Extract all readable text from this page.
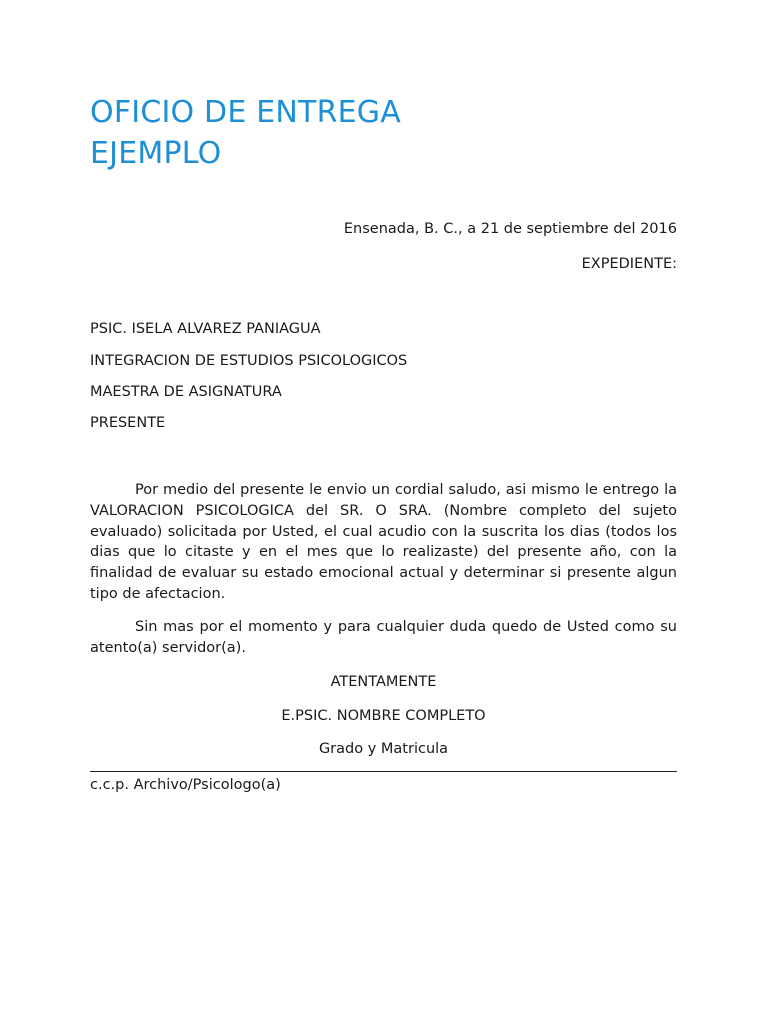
OFICIO DE ENTREGA
EJEMPLO
Ensenada, B. C., a 21 de septiembre del 2016
EXPEDIENTE:
PSIC. ISELA ALVAREZ PANIAGUA
INTEGRACION DE ESTUDIOS PSICOLOGICOS
MAESTRA DE ASIGNATURA
PRESENTE
Por medio del presente le envio un cordial saludo, asi mismo le entrego la VALORACION PSICOLOGICA del SR. O SRA. (Nombre completo del sujeto evaluado) solicitada por Usted, el cual acudio con la suscrita los dias (todos los dias que lo citaste y en el mes que lo realizaste) del presente año, con la finalidad de evaluar su estado emocional actual y determinar si presente algun tipo de afectacion.
Sin mas por el momento y para cualquier duda quedo de Usted como su atento(a) servidor(a).
ATENTAMENTE
E.PSIC. NOMBRE COMPLETO
Grado y Matricula
c.c.p. Archivo/Psicologo(a)
